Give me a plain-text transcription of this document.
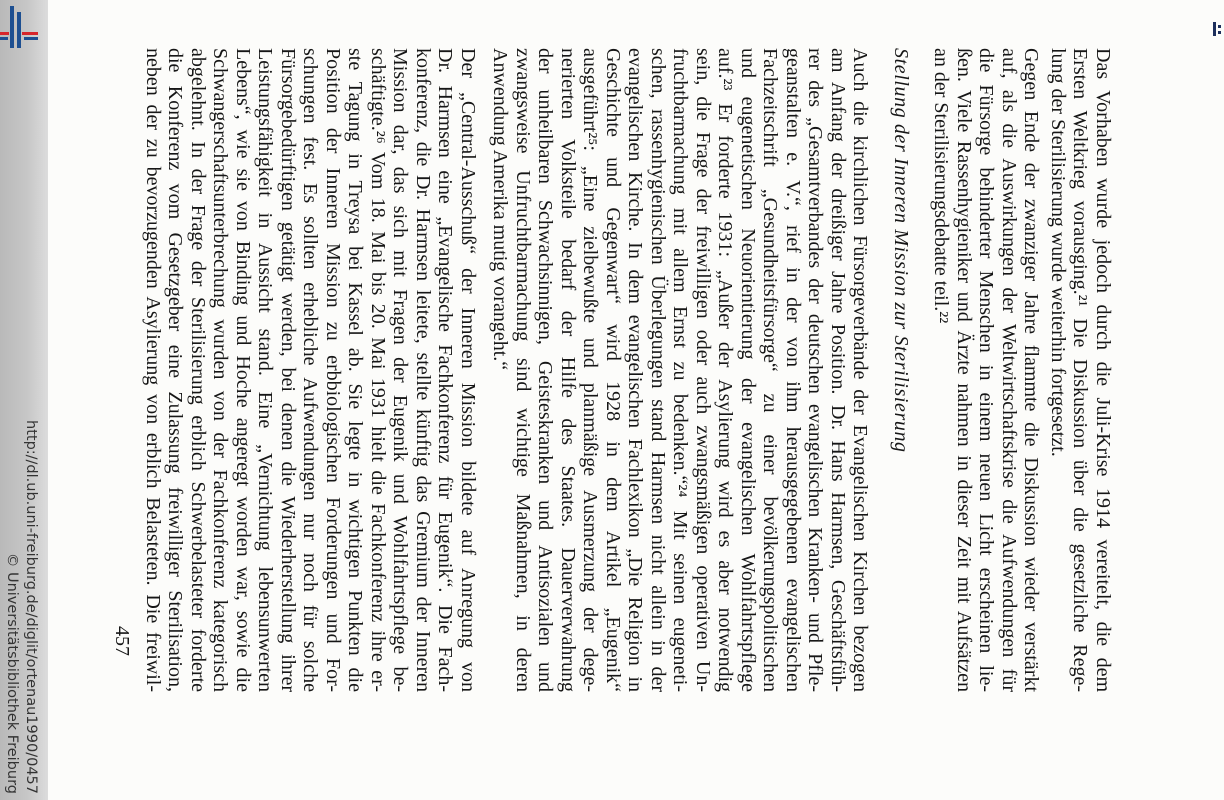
Das Vorhaben wurde jedoch durch die Juli-Krise 1914 vereitelt, die dem
Ersten Weltkrieg vorausging.²¹ Die Diskussion über die gesetzliche Rege-
lung der Sterilisierung wurde weiterhin fortgesetzt.
Gegen Ende der zwanziger Jahre flammte die Diskussion wieder verstärkt
auf, als die Auswirkungen der Weltwirtschaftskrise die Aufwendungen für
die Fürsorge behinderter Menschen in einem neuen Licht erscheinen lie-
ßen. Viele Rassenhygieniker und Ärzte nahmen in dieser Zeit mit Aufsätzen
an der Sterilisierungsdebatte teil.²²
Stellung der Inneren Mission zur Sterilisierung
Auch die kirchlichen Fürsorgeverbände der Evangelischen Kirchen bezogen
am Anfang der dreißiger Jahre Position. Dr. Hans Harmsen, Geschäftsfüh-
rer des „Gesamtverbandes der deutschen evangelischen Kranken- und Pfle-
geanstalten e. V.“, rief in der von ihm herausgegebenen evangelischen
Fachzeitschrift „Gesundheitsfürsorge“ zu einer bevölkerungspolitischen
und eugenetischen Neuorientierung der evangelischen Wohlfahrtspflege
auf.²³ Er forderte 1931: „Außer der Asylierung wird es aber notwendig
sein, die Frage der freiwilligen oder auch zwangsmäßigen operativen Un-
fruchtbarmachung mit allem Ernst zu bedenken.“²⁴ Mit seinen eugeneti-
schen, rassenhygienischen Überlegungen stand Harmsen nicht allein in der
evangelischen Kirche. In dem evangelischen Fachlexikon „Die Religion in
Geschichte und Gegenwart“ wird 1928 in dem Artikel „Eugenik“
ausgeführt²⁵: „Eine zielbewußte und planmäßige Ausmerzung der dege-
nerierten Volksteile bedarf der Hilfe des Staates. Dauerverwahrung
der unheilbaren Schwachsinnigen, Geisteskranken und Antisozialen und
zwangsweise Unfruchtbarmachung sind wichtige Maßnahmen, in deren
Anwendung Amerika mutig vorangeht.“
Der „Central-Ausschuß“ der Inneren Mission bildete auf Anregung von
Dr. Harmsen eine „Evangelische Fachkonferenz für Eugenik“. Die Fach-
konferenz, die Dr. Harmsen leitete, stellte künftig das Gremium der Inneren
Mission dar, das sich mit Fragen der Eugenik und Wohlfahrtspflege be-
schäftigte.²⁶ Vom 18. Mai bis 20. Mai 1931 hielt die Fachkonferenz ihre er-
ste Tagung in Treysa bei Kassel ab. Sie legte in wichtigen Punkten die
Position der Inneren Mission zu erbbiologischen Forderungen und For-
schungen fest. Es sollten erhebliche Aufwendungen nur noch für solche
Fürsorgebedürftigen getätigt werden, bei denen die Wiederherstellung ihrer
Leistungsfähigkeit in Aussicht stand. Eine „Vernichtung lebensunwerten
Lebens“, wie sie von Binding und Hoche angeregt worden war, sowie die
Schwangerschaftsunterbrechung wurden von der Fachkonferenz kategorisch
abgelehnt. In der Frage der Sterilisierung erblich Schwerbelasteter forderte
die Konferenz vom Gesetzgeber eine Zulassung freiwilliger Sterilisation,
neben der zu bevorzugenden Asylierung von erblich Belasteten. Die freiwil-
457
http://dl.ub.uni-freiburg.de/diglit/ortenau1990/0457
© Universitätsbibliothek Freiburg
